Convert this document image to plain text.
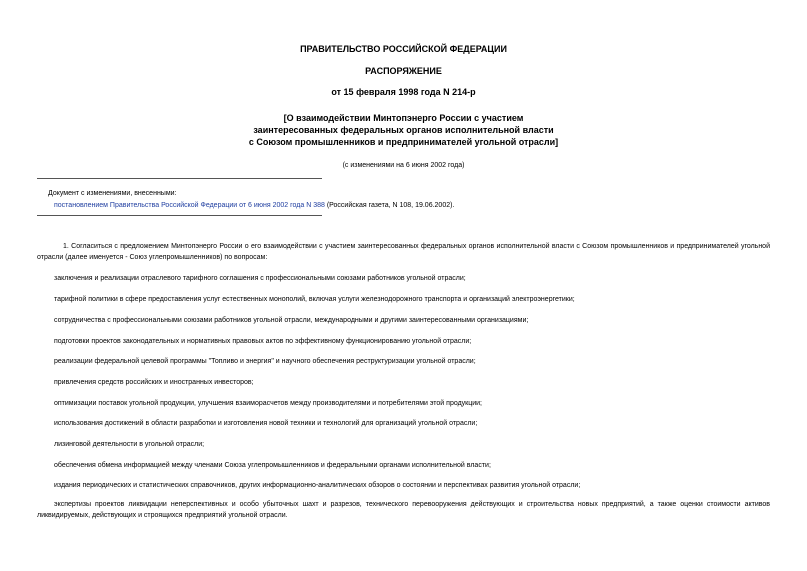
ПРАВИТЕЛЬСТВО РОССИЙСКОЙ ФЕДЕРАЦИИ
РАСПОРЯЖЕНИЕ
от 15 февраля 1998 года N 214-р
[О взаимодействии Минтопэнерго России с участием
заинтересованных федеральных органов исполнительной власти
с Союзом промышленников и предпринимателей угольной отрасли]
(с изменениями на 6 июня 2002 года)
Документ с изменениями, внесенными:
постановлением Правительства Российской Федерации от 6 июня 2002 года N 388 (Российская газета, N 108, 19.06.2002).
1. Согласиться с предложением Минтопэнерго России о его взаимодействии с участием заинтересованных федеральных органов исполнительной власти с Союзом промышленников и предпринимателей угольной отрасли (далее именуется - Союз углепромышленников) по вопросам:
заключения и реализации отраслевого тарифного соглашения с профессиональными союзами работников угольной отрасли;
тарифной политики в сфере предоставления услуг естественных монополий, включая услуги железнодорожного транспорта и организаций электроэнергетики;
сотрудничества с профессиональными союзами работников угольной отрасли, международными и другими заинтересованными организациями;
подготовки проектов законодательных и нормативных правовых актов по эффективному функционированию угольной отрасли;
реализации федеральной целевой программы "Топливо и энергия" и научного обеспечения реструктуризации угольной отрасли;
привлечения средств российских и иностранных инвесторов;
оптимизации поставок угольной продукции, улучшения взаиморасчетов между производителями и потребителями этой продукции;
использования достижений в области разработки и изготовления новой техники и технологий для организаций угольной отрасли;
лизинговой деятельности в угольной отрасли;
обеспечения обмена информацией между членами Союза углепромышленников и федеральными органами исполнительной власти;
издания периодических и статистических справочников, других информационно-аналитических обзоров о состоянии и перспективах развития угольной отрасли;
экспертизы проектов ликвидации неперспективных и особо убыточных шахт и разрезов, технического перевооружения действующих и строительства новых предприятий, а также оценки стоимости активов ликвидируемых, действующих и строящихся предприятий угольной отрасли.
